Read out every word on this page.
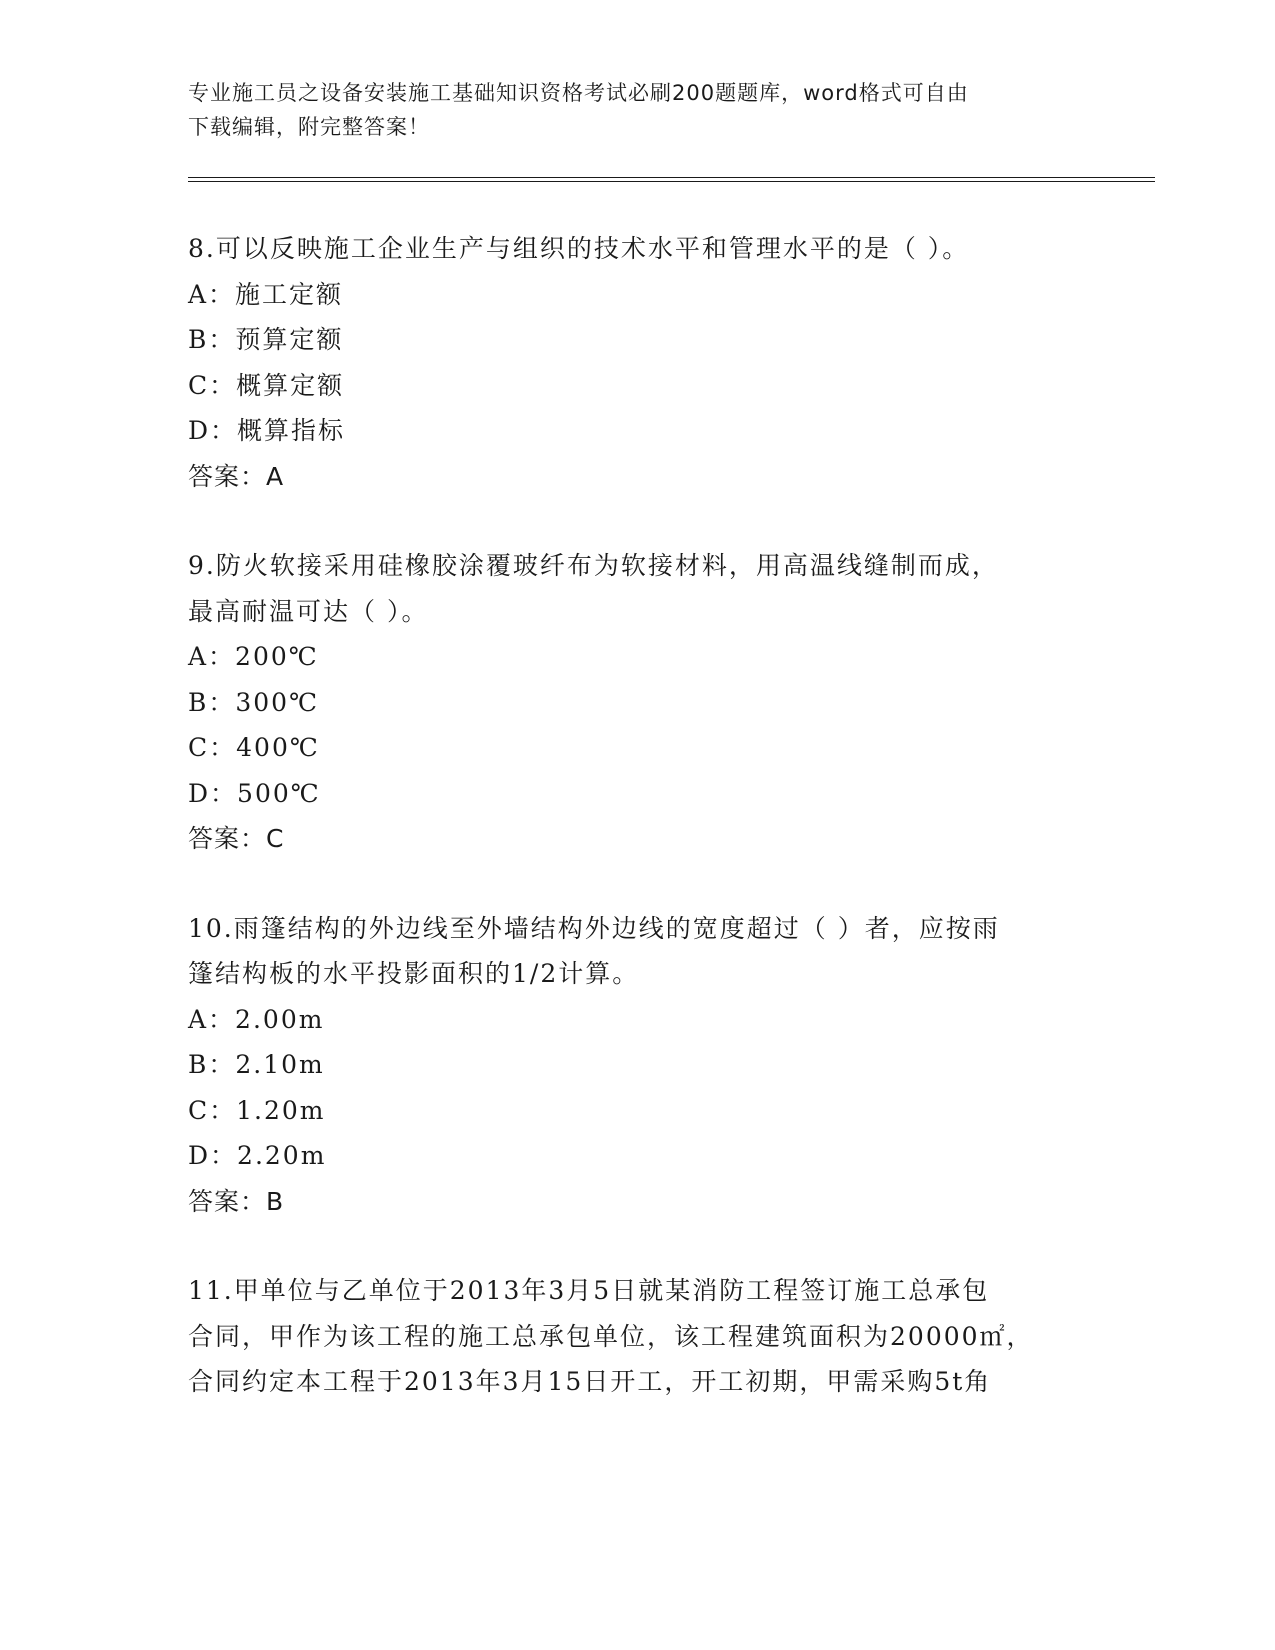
专业施工员之设备安装施工基础知识资格考试必刷200题题库，word格式可自由
下载编辑，附完整答案！
8.可以反映施工企业生产与组织的技术水平和管理水平的是（ ）。
A：施工定额
B：预算定额
C：概算定额
D：概算指标
答案：A
9.防火软接采用硅橡胶涂覆玻纤布为软接材料，用高温线缝制而成，
最高耐温可达（ ）。
A：200℃
B：300℃
C：400℃
D：500℃
答案：C
10.雨篷结构的外边线至外墙结构外边线的宽度超过（ ）者，应按雨
篷结构板的水平投影面积的1/2计算。
A：2.00m
B：2.10m
C：1.20m
D：2.20m
答案：B
11.甲单位与乙单位于2013年3月5日就某消防工程签订施工总承包
合同，甲作为该工程的施工总承包单位，该工程建筑面积为20000㎡，
合同约定本工程于2013年3月15日开工，开工初期，甲需采购5t角
